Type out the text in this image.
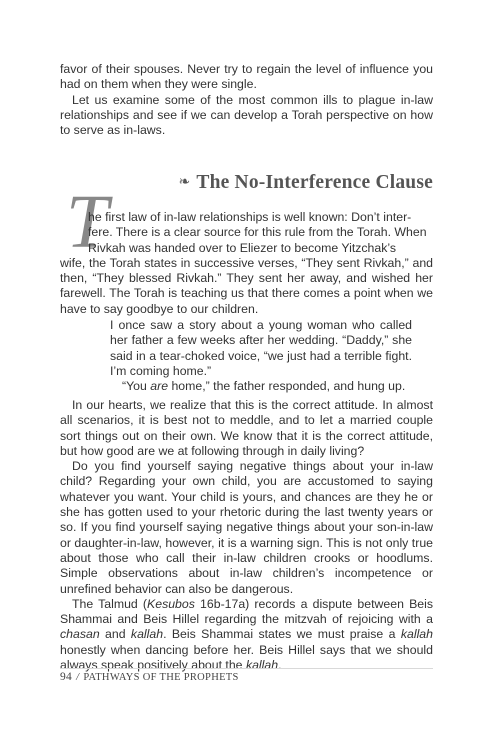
favor of their spouses. Never try to regain the level of influence you had on them when they were single.

Let us examine some of the most common ills to plague in-law relationships and see if we can develop a Torah perspective on how to serve as in-laws.

❧ The No-Interference Clause
T

he first law of in-law relationships is well known: Don’t inter-

fere. There is a clear source for this rule from the Torah. When

Rivkah was handed over to Eliezer to become Yitzchak’s

wife, the Torah states in successive verses, “They sent Rivkah,” and then, “They blessed Rivkah.” They sent her away, and wished her farewell. The Torah is teaching us that there comes a point when we have to say goodbye to our children.

I once saw a story about a young woman who called her father a few weeks after her wedding. “Daddy,” she said in a tear-choked voice, “we just had a terrible fight. I’m coming home.”

“You are home,” the father responded, and hung up.

In our hearts, we realize that this is the correct attitude. In almost all scenarios, it is best not to meddle, and to let a married couple sort things out on their own. We know that it is the correct attitude, but how good are we at following through in daily living?

Do you find yourself saying negative things about your in-law child? Regarding your own child, you are accustomed to saying whatever you want. Your child is yours, and chances are they he or she has gotten used to your rhetoric during the last twenty years or so. If you find yourself saying negative things about your son-in-law or daughter-in-law, however, it is a warning sign. This is not only true about those who call their in-law children crooks or hoodlums. Simple observations about in-law children’s incompetence or unrefined behavior can also be dangerous.

The Talmud (Kesubos 16b-17a) records a dispute between Beis Shammai and Beis Hillel regarding the mitzvah of rejoicing with a chasan and kallah. Beis Shammai states we must praise a kallah honestly when dancing before her. Beis Hillel says that we should always speak positively about the kallah.

94 / PATHWAYS OF THE PROPHETS
